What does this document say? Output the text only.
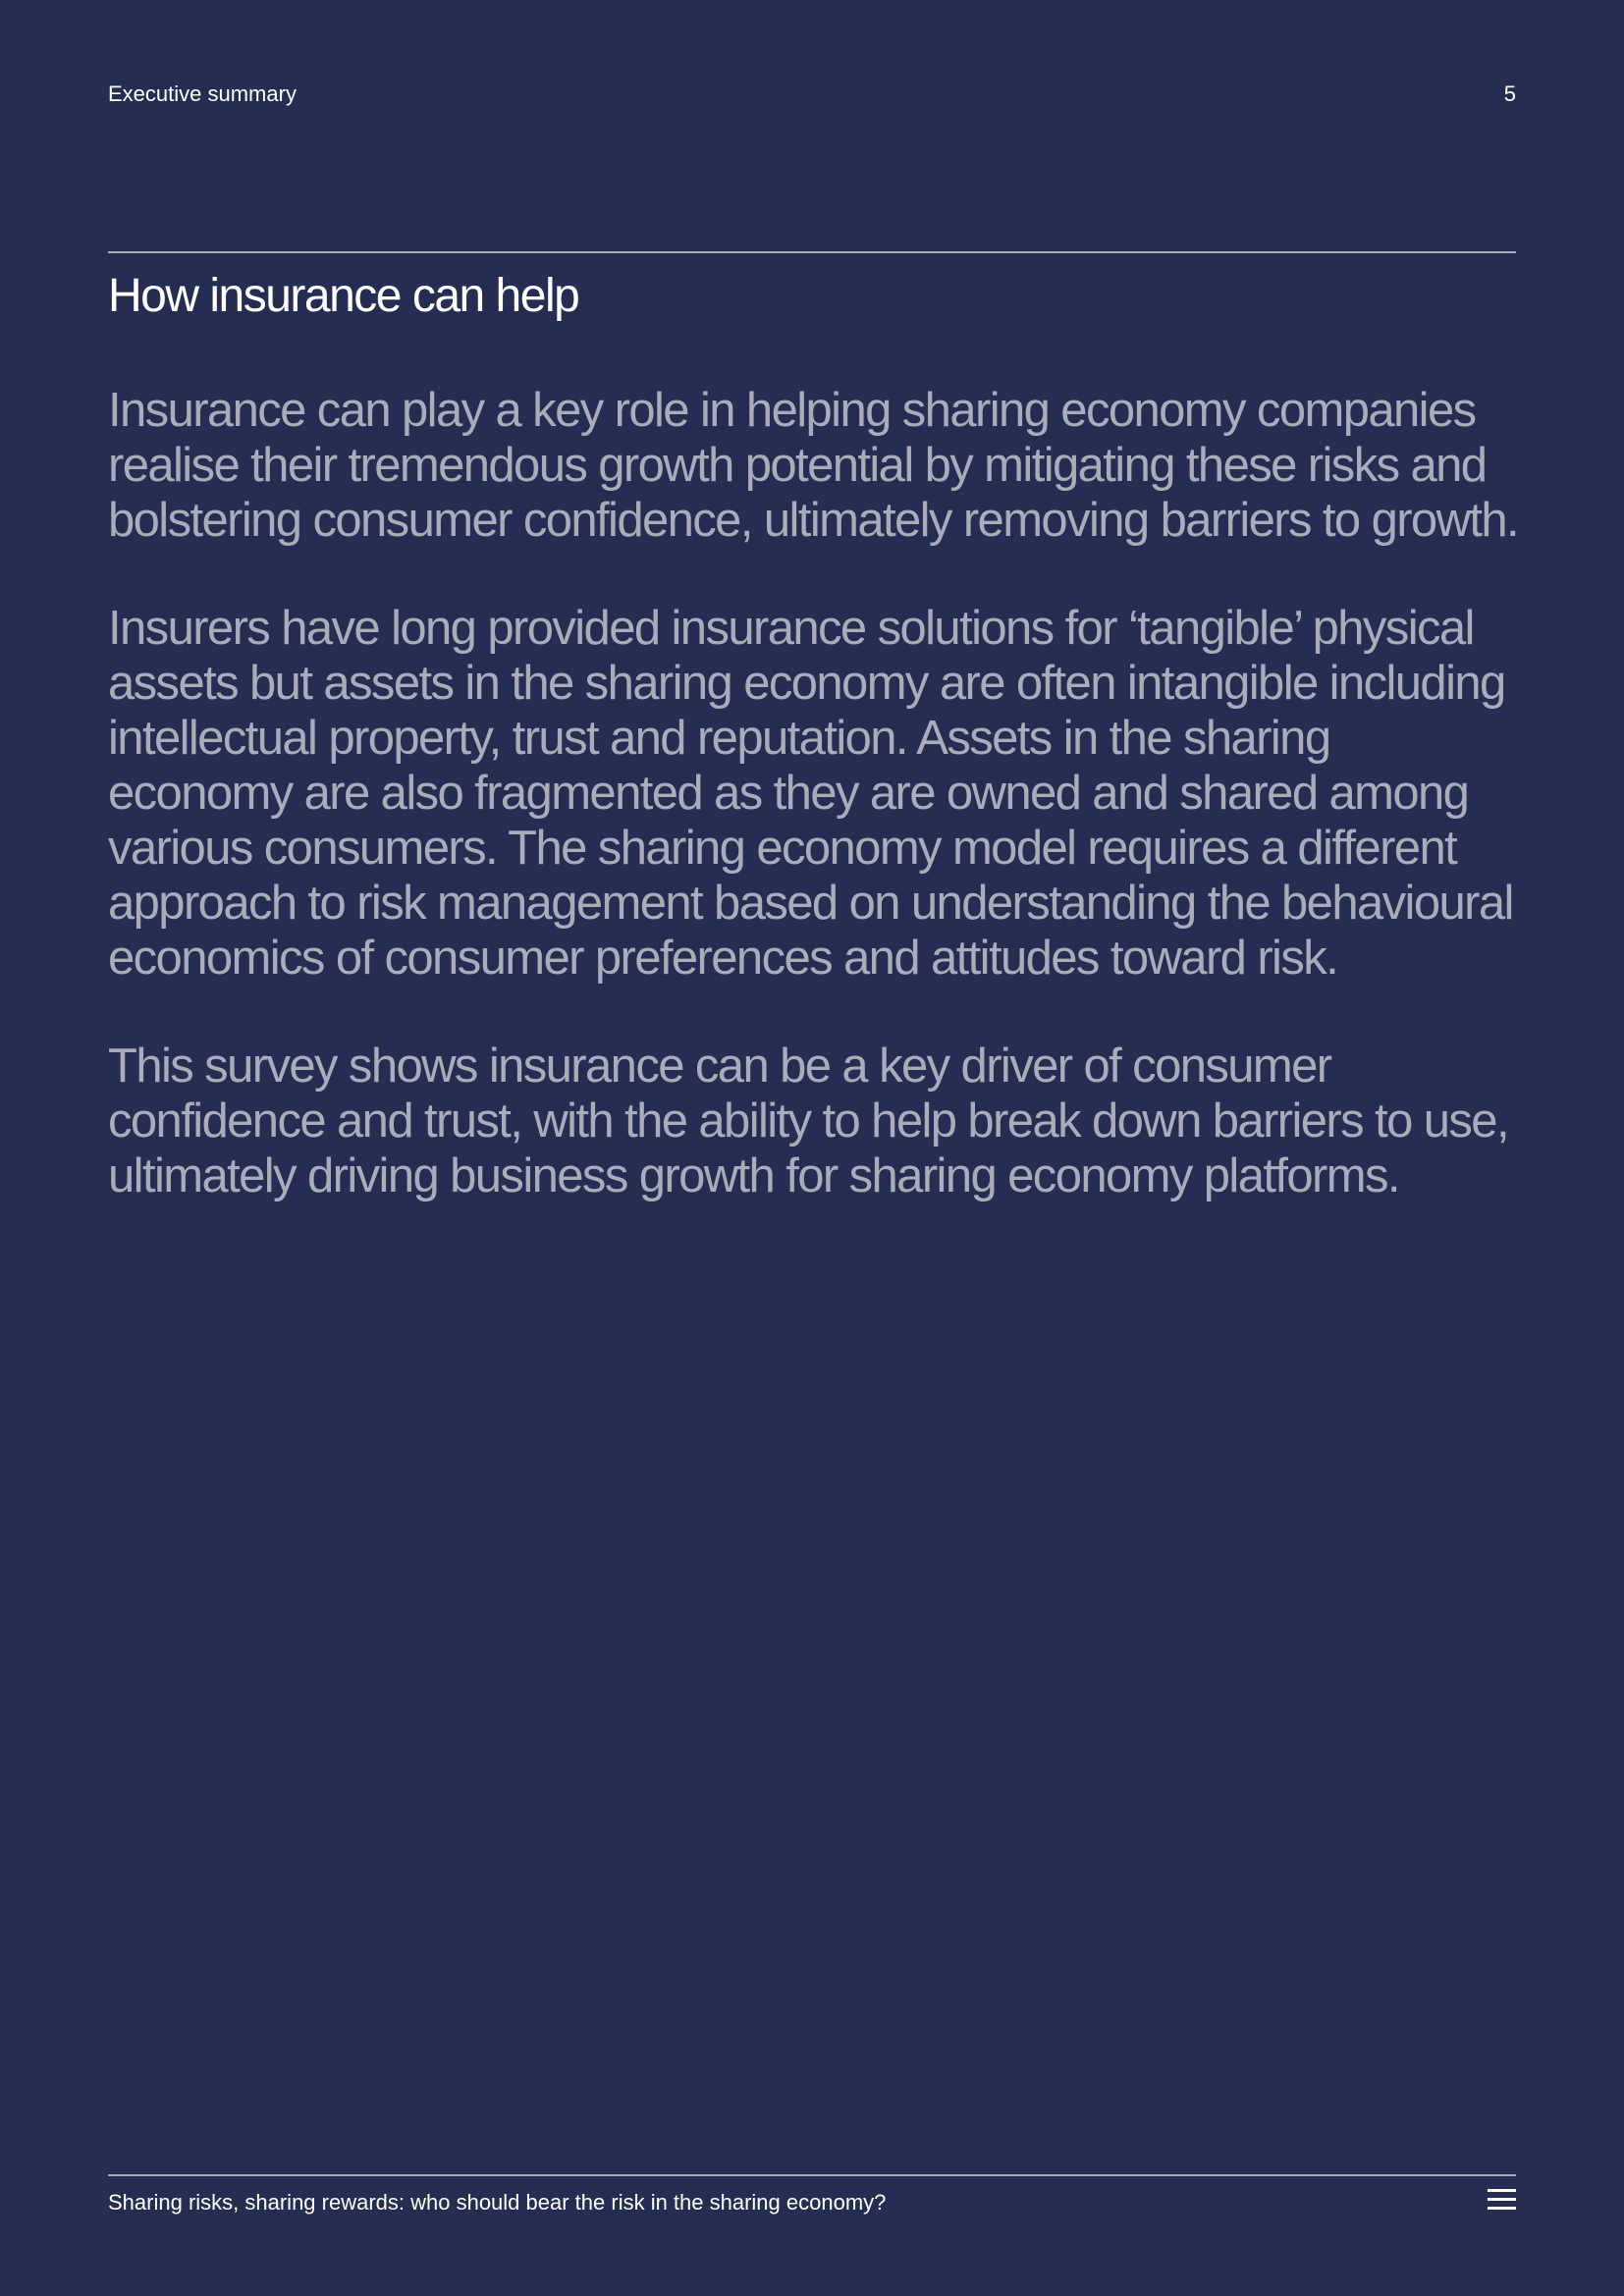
Executive summary	5
How insurance can help

Insurance can play a key role in helping sharing economy companies realise their tremendous growth potential by mitigating these risks and bolstering consumer confidence, ultimately removing barriers to growth.

Insurers have long provided insurance solutions for ‘tangible’ physical assets but assets in the sharing economy are often intangible including intellectual property, trust and reputation. Assets in the sharing economy are also fragmented as they are owned and shared among various consumers. The sharing economy model requires a different approach to risk management based on understanding the behavioural economics of consumer preferences and attitudes toward risk.

This survey shows insurance can be a key driver of consumer confidence and trust, with the ability to help break down barriers to use, ultimately driving business growth for sharing economy platforms.

Sharing risks, sharing rewards: who should bear the risk in the sharing economy?
